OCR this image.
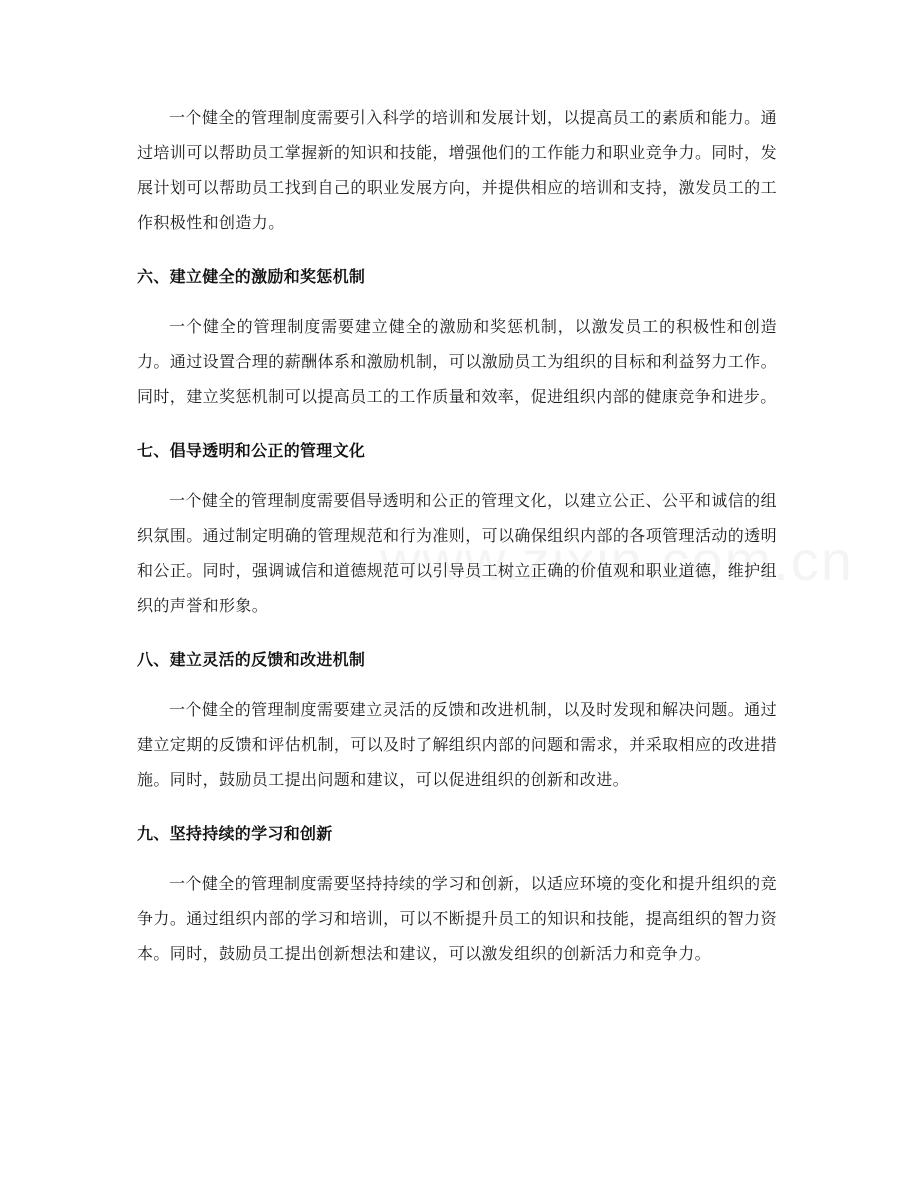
一个健全的管理制度需要引入科学的培训和发展计划，以提高员工的素质和能力。通过培训可以帮助员工掌握新的知识和技能，增强他们的工作能力和职业竞争力。同时，发展计划可以帮助员工找到自己的职业发展方向，并提供相应的培训和支持，激发员工的工作积极性和创造力。

六、建立健全的激励和奖惩机制

一个健全的管理制度需要建立健全的激励和奖惩机制，以激发员工的积极性和创造力。通过设置合理的薪酬体系和激励机制，可以激励员工为组织的目标和利益努力工作。同时，建立奖惩机制可以提高员工的工作质量和效率，促进组织内部的健康竞争和进步。

七、倡导透明和公正的管理文化

一个健全的管理制度需要倡导透明和公正的管理文化，以建立公正、公平和诚信的组织氛围。通过制定明确的管理规范和行为准则，可以确保组织内部的各项管理活动的透明和公正。同时，强调诚信和道德规范可以引导员工树立正确的价值观和职业道德，维护组织的声誉和形象。

八、建立灵活的反馈和改进机制

一个健全的管理制度需要建立灵活的反馈和改进机制，以及时发现和解决问题。通过建立定期的反馈和评估机制，可以及时了解组织内部的问题和需求，并采取相应的改进措施。同时，鼓励员工提出问题和建议，可以促进组织的创新和改进。

九、坚持持续的学习和创新

一个健全的管理制度需要坚持持续的学习和创新，以适应环境的变化和提升组织的竞争力。通过组织内部的学习和培训，可以不断提升员工的知识和技能，提高组织的智力资本。同时，鼓励员工提出创新想法和建议，可以激发组织的创新活力和竞争力。
